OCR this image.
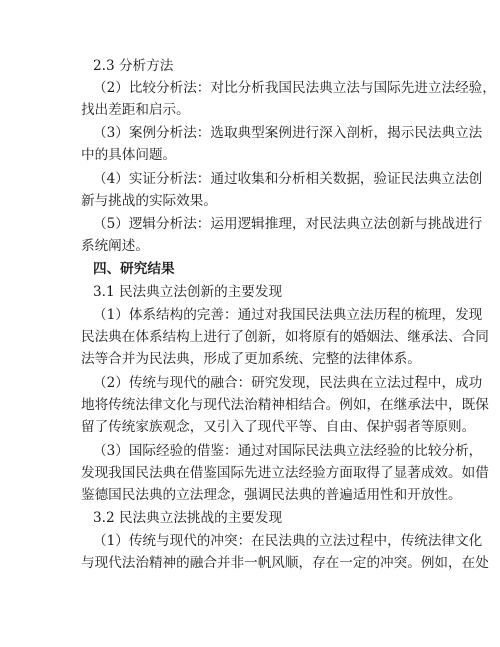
2.3 分析方法
（2）比较分析法：对比分析我国民法典立法与国际先进立法经验，
找出差距和启示。
（3）案例分析法：选取典型案例进行深入剖析，揭示民法典立法
中的具体问题。
（4）实证分析法：通过收集和分析相关数据，验证民法典立法创
新与挑战的实际效果。
（5）逻辑分析法：运用逻辑推理，对民法典立法创新与挑战进行
系统阐述。
四、研究结果
3.1 民法典立法创新的主要发现
（1）体系结构的完善：通过对我国民法典立法历程的梳理，发现
民法典在体系结构上进行了创新，如将原有的婚姻法、继承法、合同
法等合并为民法典，形成了更加系统、完整的法律体系。
（2）传统与现代的融合：研究发现，民法典在立法过程中，成功
地将传统法律文化与现代法治精神相结合。例如，在继承法中，既保
留了传统家族观念，又引入了现代平等、自由、保护弱者等原则。
（3）国际经验的借鉴：通过对国际民法典立法经验的比较分析，
发现我国民法典在借鉴国际先进立法经验方面取得了显著成效。如借
鉴德国民法典的立法理念，强调民法典的普遍适用性和开放性。
3.2 民法典立法挑战的主要发现
（1）传统与现代的冲突：在民法典的立法过程中，传统法律文化
与现代法治精神的融合并非一帆风顺，存在一定的冲突。例如，在处
